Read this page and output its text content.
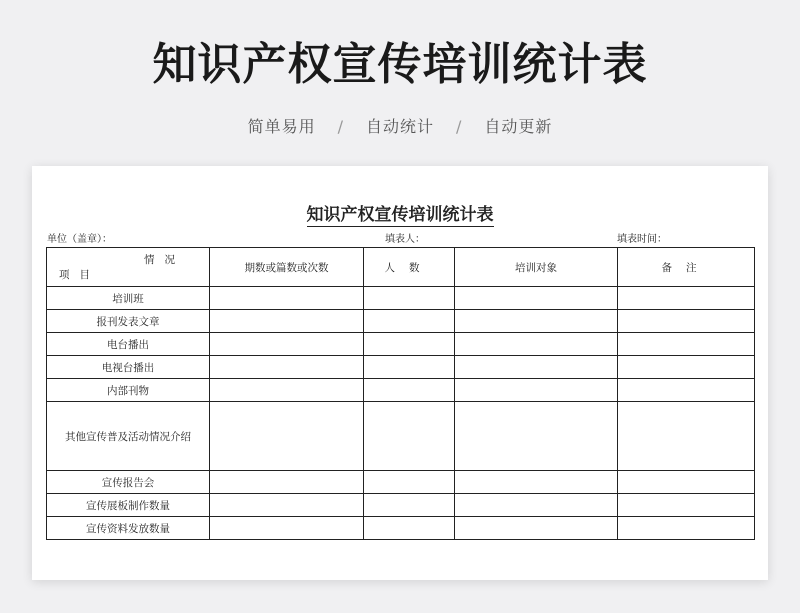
知识产权宣传培训统计表
简单易用 / 自动统计 / 自动更新
知识产权宣传培训统计表
单位（盖章）：	填表人：	填表时间：
情况
项目	期数或篇数或次数	人数	培训对象	备注
培训班				
报刊发表文章				
电台播出				
电视台播出				
内部刊物				
其他宣传普及活动情况介绍				
宣传报告会				
宣传展板制作数量				
宣传资料发放数量				
